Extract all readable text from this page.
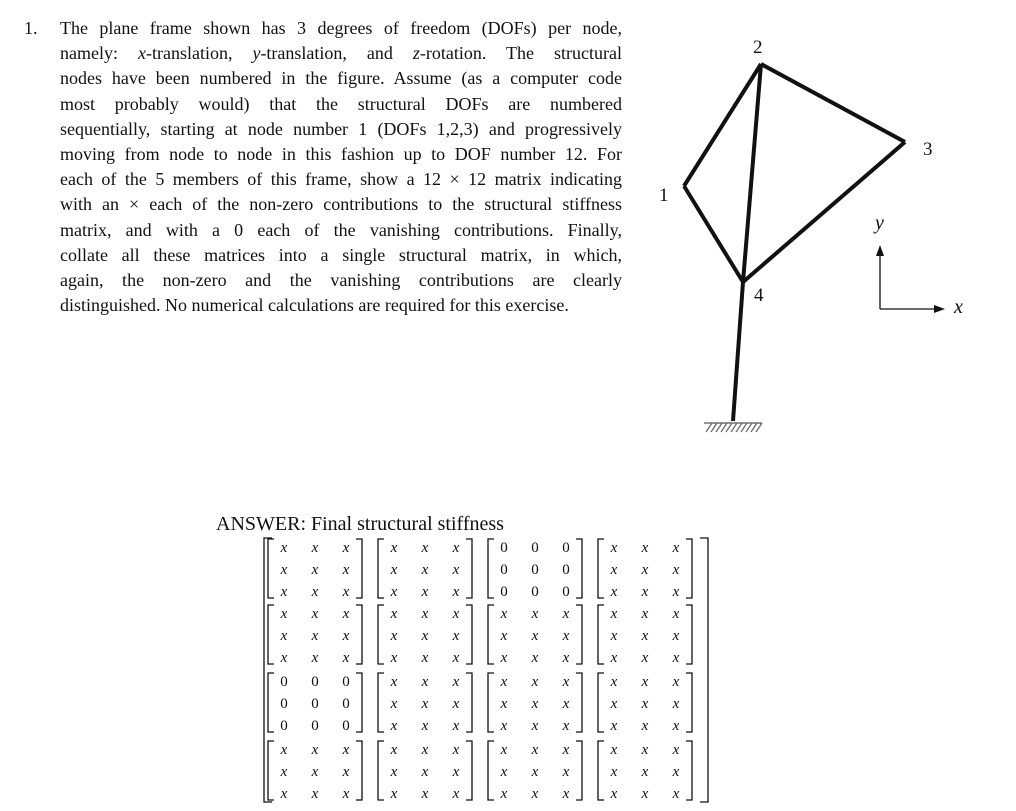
1. The plane frame shown has 3 degrees of freedom (DOFs) per node,
namely: x-translation, y-translation, and z-rotation. The structural
nodes have been numbered in the figure. Assume (as a computer code
most probably would) that the structural DOFs are numbered
sequentially, starting at node number 1 (DOFs 1,2,3) and progressively
moving from node to node in this fashion up to DOF number 12. For
each of the 5 members of this frame, show a 12 × 12 matrix indicating
with an × each of the non-zero contributions to the structural stiffness
matrix, and with a 0 each of the vanishing contributions. Finally,
collate all these matrices into a single structural matrix, in which,
again, the non-zero and the vanishing contributions are clearly
distinguished. No numerical calculations are required for this exercise.
1
2
3
4
y
x
ANSWER: Final structural stiffness
x x x
x x x
x x x
x x x
x x x
x x x
0 0 0
0 0 0
0 0 0
x x x
x x x
x x x
x x x
x x x
x x x
x x x
x x x
x x x
x x x
x x x
x x x
x x x
x x x
x x x
0 0 0
0 0 0
0 0 0
x x x
x x x
x x x
x x x
x x x
x x x
x x x
x x x
x x x
x x x
x x x
x x x
x x x
x x x
x x x
x x x
x x x
x x x
x x x
x x x
x x x
